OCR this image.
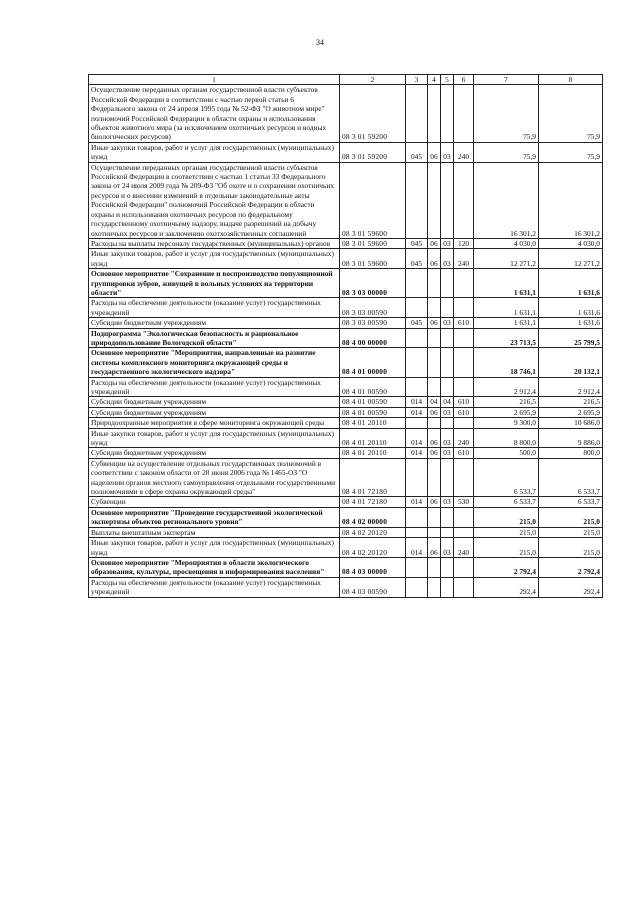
34
1	2	3	4	5	6	7	8
Осуществление переданных органам государственной власти субъектов Российской Федерации в соответствии с частью первой статьи 6 Федерального закона от 24 апреля 1995 года № 52-ФЗ "О животном мире" полномочий Российской Федерации в области охраны и использования объектов животного мира (за исключением охотничьих ресурсов и водных биологических ресурсов)	08 3 01 59200					75,9	75,9
Иные закупки товаров, работ и услуг для государственных (муниципальных) нужд	08 3 01 59200	045	06	03	240	75,9	75,9
Осуществление переданных органам государственной власти субъектов Российской Федерации в соответствии с частью 1 статьи 33 Федерального закона от 24 июля 2009 года № 209-ФЗ "Об охоте и о сохранении охотничьих ресурсов и о внесении изменений в отдельные законодательные акты Российской Федерации" полномочий Российской Федерации в области охраны и использования охотничьих ресурсов по федеральному государственному охотничьему надзору, выдаче разрешений на добычу охотничьих ресурсов и заключению охотхозяйственных соглашений	08 3 01 59600					16 301,2	16 301,2
Расходы на выплаты персоналу государственных (муниципальных) органов	08 3 01 59600	045	06	03	120	4 030,0	4 030,0
Иные закупки товаров, работ и услуг для государственных (муниципальных) нужд	08 3 01 59600	045	06	03	240	12 271,2	12 271,2
Основное мероприятие "Сохранение и воспроизводство популяционной группировки зубров, живущей в вольных условиях на территории области"	08 3 03 00000					1 631,1	1 631,6
Расходы на обеспечение деятельности (оказание услуг) государственных учреждений	08 3 03 00590					1 631,1	1 631,6
Субсидии бюджетным учреждениям	08 3 03 00590	045	06	03	610	1 631,1	1 631,6
Подпрограмма "Экологическая безопасность и рациональное природопользование Вологодской области"	08 4 00 00000					23 713,5	25 799,5
Основное мероприятие "Мероприятия, направленные на развитие системы комплексного мониторинга окружающей среды и государственного экологического надзора"	08 4 01 00000					18 746,1	20 132,1
Расходы на обеспечение деятельности (оказание услуг) государственных учреждений	08 4 01 00590					2 912,4	2 912,4
Субсидии бюджетным учреждениям	08 4 01 00590	014	04	04	610	216,5	216,5
Субсидии бюджетным учреждениям	08 4 01 00590	014	06	03	610	2 695,9	2 695,9
Природоохранные мероприятия в сфере мониторинга окружающей среды	08 4 01 20110					9 300,0	10 686,0
Иные закупки товаров, работ и услуг для государственных (муниципальных) нужд	08 4 01 20110	014	06	03	240	8 800,0	9 886,0
Субсидии бюджетным учреждениям	08 4 01 20110	014	06	03	610	500,0	800,0
Субвенции на осуществление отдельных государственных полномочий в соответствии с законом области от 28 июня 2006 года № 1465-ОЗ "О наделении органов местного самоуправления отдельными государственными полномочиями в сфере охраны окружающей среды"	08 4 01 72180					6 533,7	6 533,7
Субвенции	08 4 01 72180	014	06	03	530	6 533,7	6 533,7
Основное мероприятие "Проведение государственной экологической экспертизы объектов регионального уровня"	08 4 02 00000					215,0	215,0
Выплаты внештатным экспертам	08 4 02 20120					215,0	215,0
Иные закупки товаров, работ и услуг для государственных (муниципальных) нужд	08 4 02 20120	014	06	03	240	215,0	215,0
Основное мероприятие "Мероприятия в области экологического образования, культуры, просвещения и информирования населения"	08 4 03 00000					2 792,4	2 792,4
Расходы на обеспечение деятельности (оказание услуг) государственных учреждений	08 4 03 00590					292,4	292,4
